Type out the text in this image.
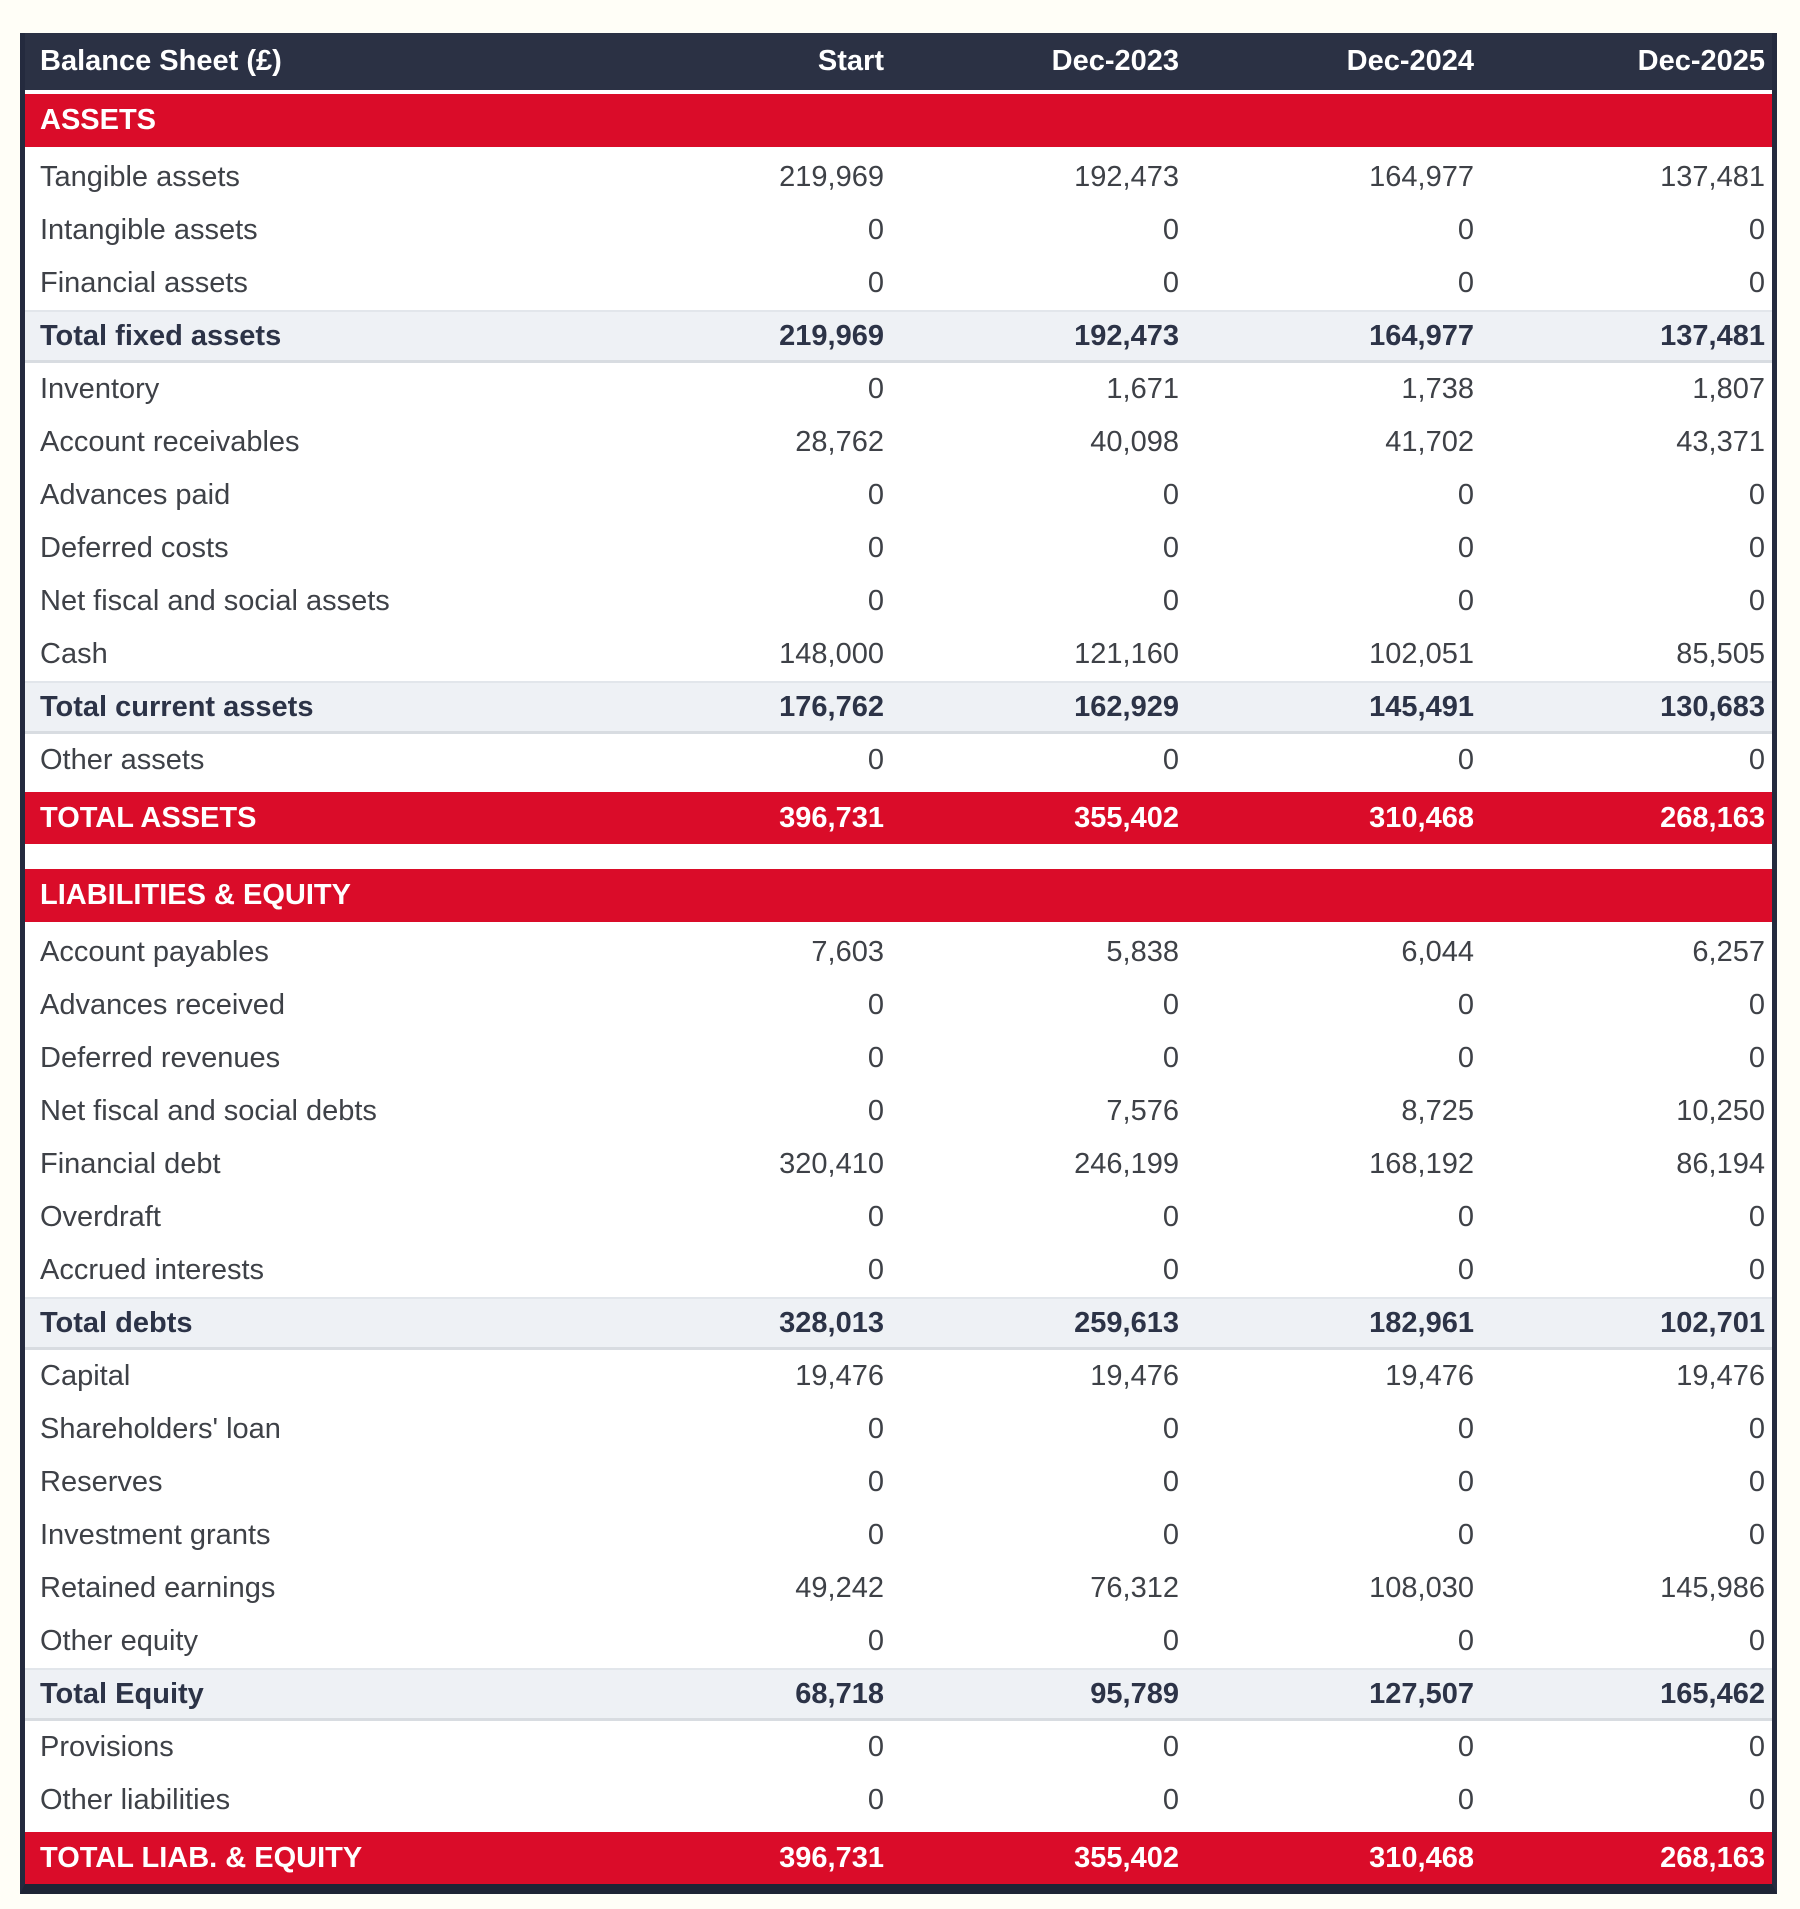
Balance Sheet (£)	Start	Dec-2023	Dec-2024	Dec-2025
ASSETS
Tangible assets	219,969	192,473	164,977	137,481
Intangible assets	0	0	0	0
Financial assets	0	0	0	0
Total fixed assets	219,969	192,473	164,977	137,481
Inventory	0	1,671	1,738	1,807
Account receivables	28,762	40,098	41,702	43,371
Advances paid	0	0	0	0
Deferred costs	0	0	0	0
Net fiscal and social assets	0	0	0	0
Cash	148,000	121,160	102,051	85,505
Total current assets	176,762	162,929	145,491	130,683
Other assets	0	0	0	0
TOTAL ASSETS	396,731	355,402	310,468	268,163
LIABILITIES & EQUITY
Account payables	7,603	5,838	6,044	6,257
Advances received	0	0	0	0
Deferred revenues	0	0	0	0
Net fiscal and social debts	0	7,576	8,725	10,250
Financial debt	320,410	246,199	168,192	86,194
Overdraft	0	0	0	0
Accrued interests	0	0	0	0
Total debts	328,013	259,613	182,961	102,701
Capital	19,476	19,476	19,476	19,476
Shareholders' loan	0	0	0	0
Reserves	0	0	0	0
Investment grants	0	0	0	0
Retained earnings	49,242	76,312	108,030	145,986
Other equity	0	0	0	0
Total Equity	68,718	95,789	127,507	165,462
Provisions	0	0	0	0
Other liabilities	0	0	0	0
TOTAL LIAB. & EQUITY	396,731	355,402	310,468	268,163
